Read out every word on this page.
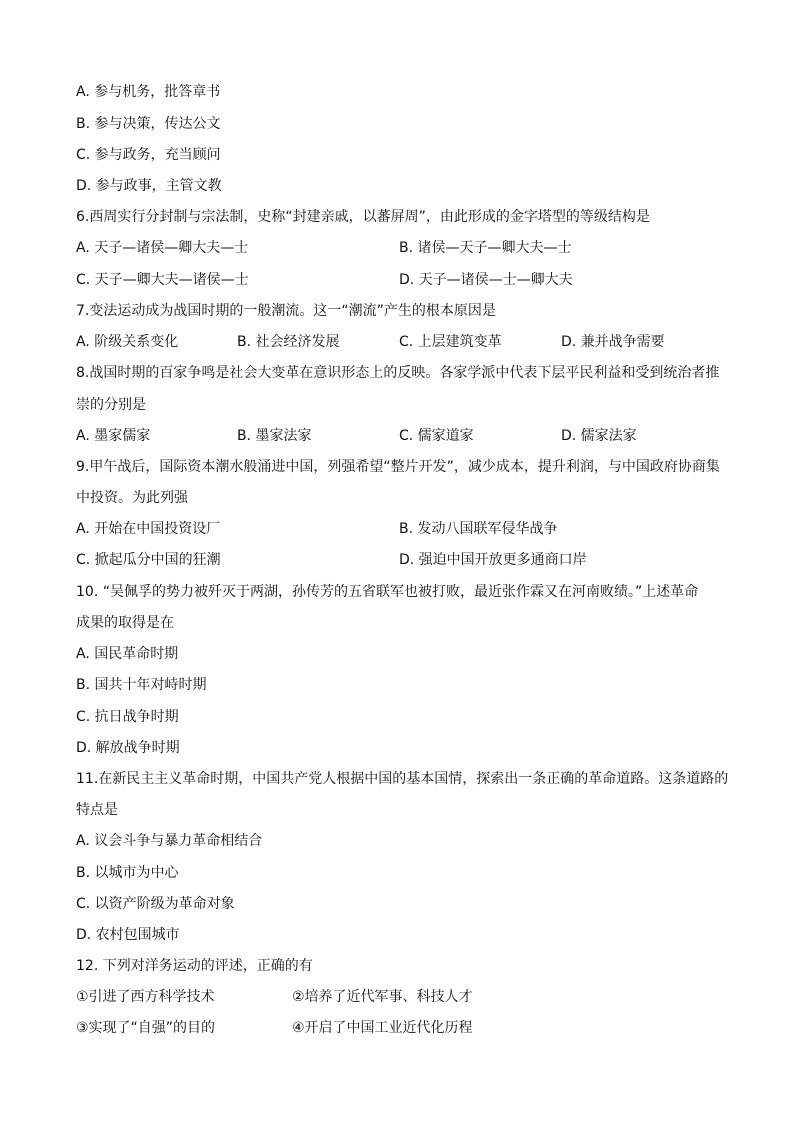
A. 参与机务，批答章书
B. 参与决策，传达公文
C. 参与政务，充当顾问
D. 参与政事，主管文教
6.西周实行分封制与宗法制，史称“封建亲戚，以蕃屏周”，由此形成的金字塔型的等级结构是
A. 天子—诸侯—卿大夫—士	B. 诸侯—天子—卿大夫—士
C. 天子—卿大夫—诸侯—士	D. 天子—诸侯—士—卿大夫
7.变法运动成为战国时期的一般潮流。这一“潮流”产生的根本原因是
A. 阶级关系变化	B. 社会经济发展	C. 上层建筑变革	D. 兼并战争需要
8.战国时期的百家争鸣是社会大变革在意识形态上的反映。各家学派中代表下层平民利益和受到统治者推
崇的分别是
A. 墨家儒家	B. 墨家法家	C. 儒家道家	D. 儒家法家
9.甲午战后，国际资本潮水般涌进中国，列强希望“整片开发”，减少成本，提升利润，与中国政府协商集
中投资。为此列强
A. 开始在中国投资设厂	B. 发动八国联军侵华战争
C. 掀起瓜分中国的狂潮	D. 强迫中国开放更多通商口岸
10. “吴佩孚的势力被歼灭于两湖，孙传芳的五省联军也被打败，最近张作霖又在河南败绩。”上述革命
成果的取得是在
A. 国民革命时期
B. 国共十年对峙时期
C. 抗日战争时期
D. 解放战争时期
11.在新民主主义革命时期，中国共产党人根据中国的基本国情，探索出一条正确的革命道路。这条道路的
特点是
A. 议会斗争与暴力革命相结合
B. 以城市为中心
C. 以资产阶级为革命对象
D. 农村包围城市
12. 下列对洋务运动的评述，正确的有
①引进了西方科学技术	②培养了近代军事、科技人才
③实现了“自强”的目的	④开启了中国工业近代化历程
